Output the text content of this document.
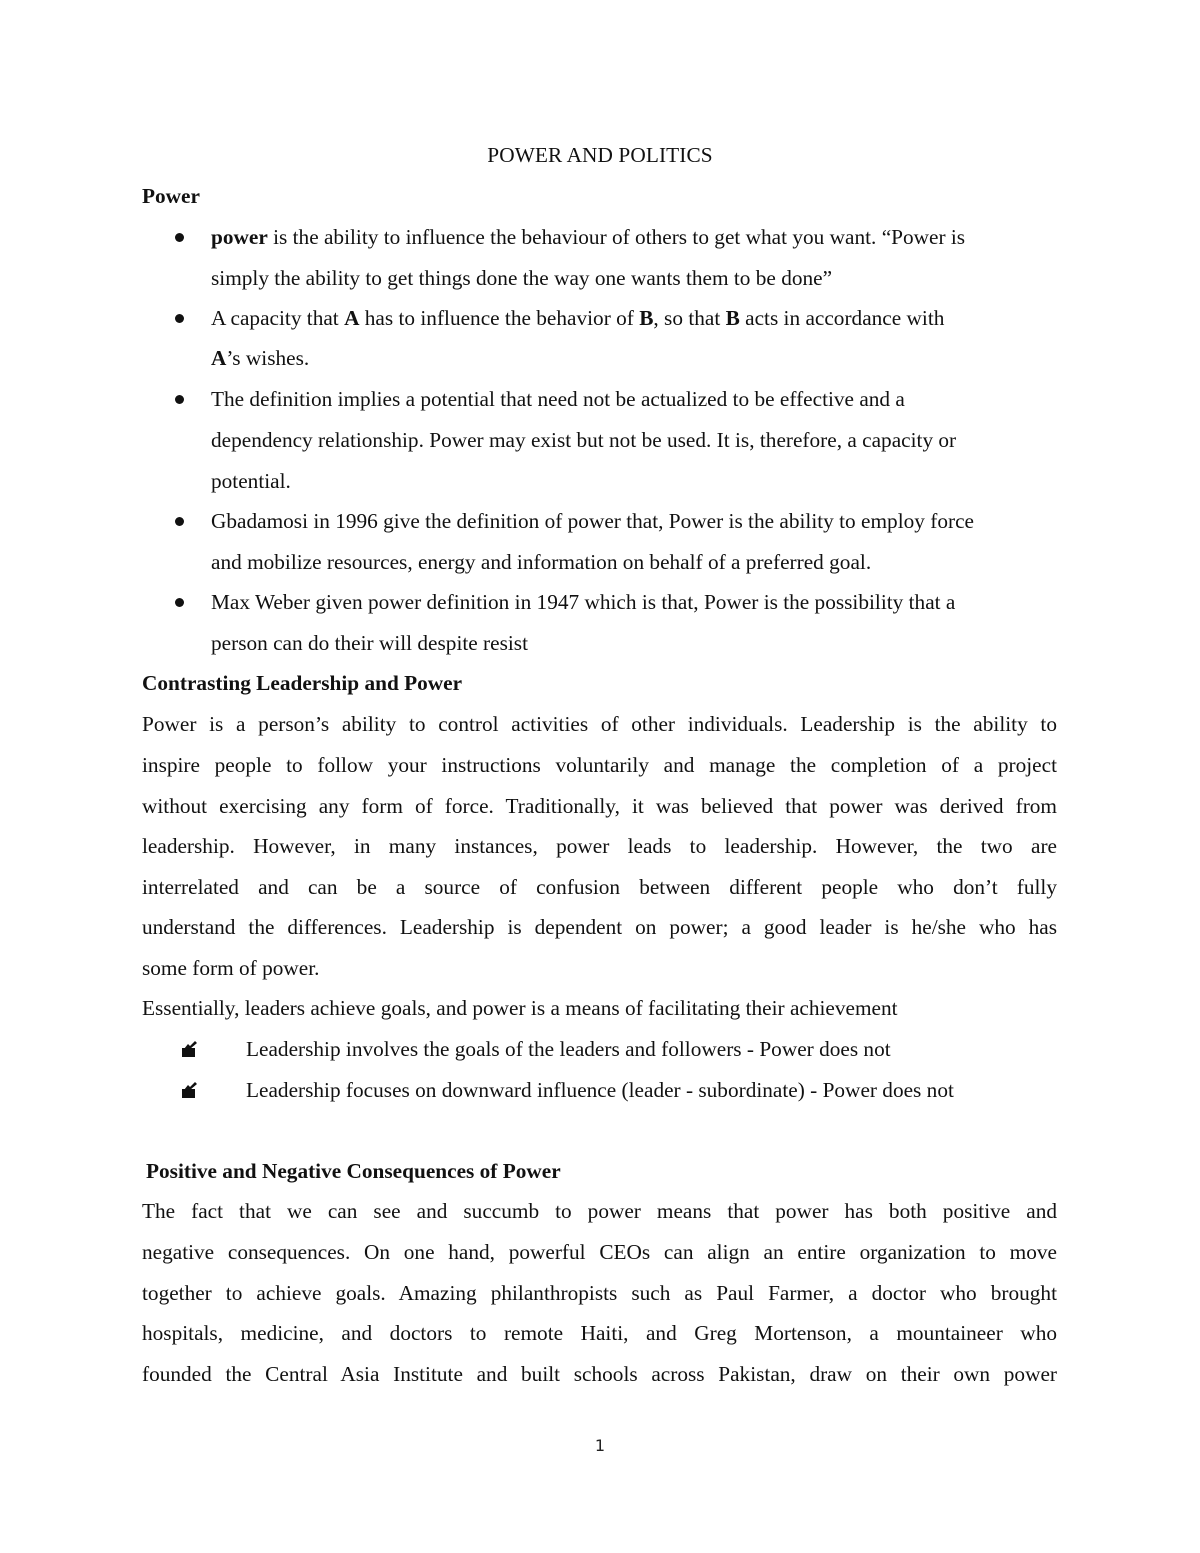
POWER AND POLITICS
Power
power is the ability to influence the behaviour of others to get what you want. “Power is
simply the ability to get things done the way one wants them to be done”
A capacity that A has to influence the behavior of B, so that B acts in accordance with
A’s wishes.
The definition implies a potential that need not be actualized to be effective and a
dependency relationship. Power may exist but not be used. It is, therefore, a capacity or
potential.
Gbadamosi in 1996 give the definition of power that, Power is the ability to employ force
and mobilize resources, energy and information on behalf of a preferred goal.
Max Weber given power definition in 1947 which is that, Power is the possibility that a
person can do their will despite resist
Contrasting Leadership and Power
Power is a person’s ability to control activities of other individuals. Leadership is the ability to
inspire people to follow your instructions voluntarily and manage the completion of a project
without exercising any form of force. Traditionally, it was believed that power was derived from
leadership. However, in many instances, power leads to leadership. However, the two are
interrelated and can be a source of confusion between different people who don’t fully
understand the differences. Leadership is dependent on power; a good leader is he/she who has
some form of power.
Essentially, leaders achieve goals, and power is a means of facilitating their achievement
Leadership involves the goals of the leaders and followers - Power does not
Leadership focuses on downward influence (leader - subordinate) - Power does not
Positive and Negative Consequences of Power
The fact that we can see and succumb to power means that power has both positive and
negative consequences. On one hand, powerful CEOs can align an entire organization to move
together to achieve goals. Amazing philanthropists such as Paul Farmer, a doctor who brought
hospitals, medicine, and doctors to remote Haiti, and Greg Mortenson, a mountaineer who
founded the Central Asia Institute and built schools across Pakistan, draw on their own power
1
